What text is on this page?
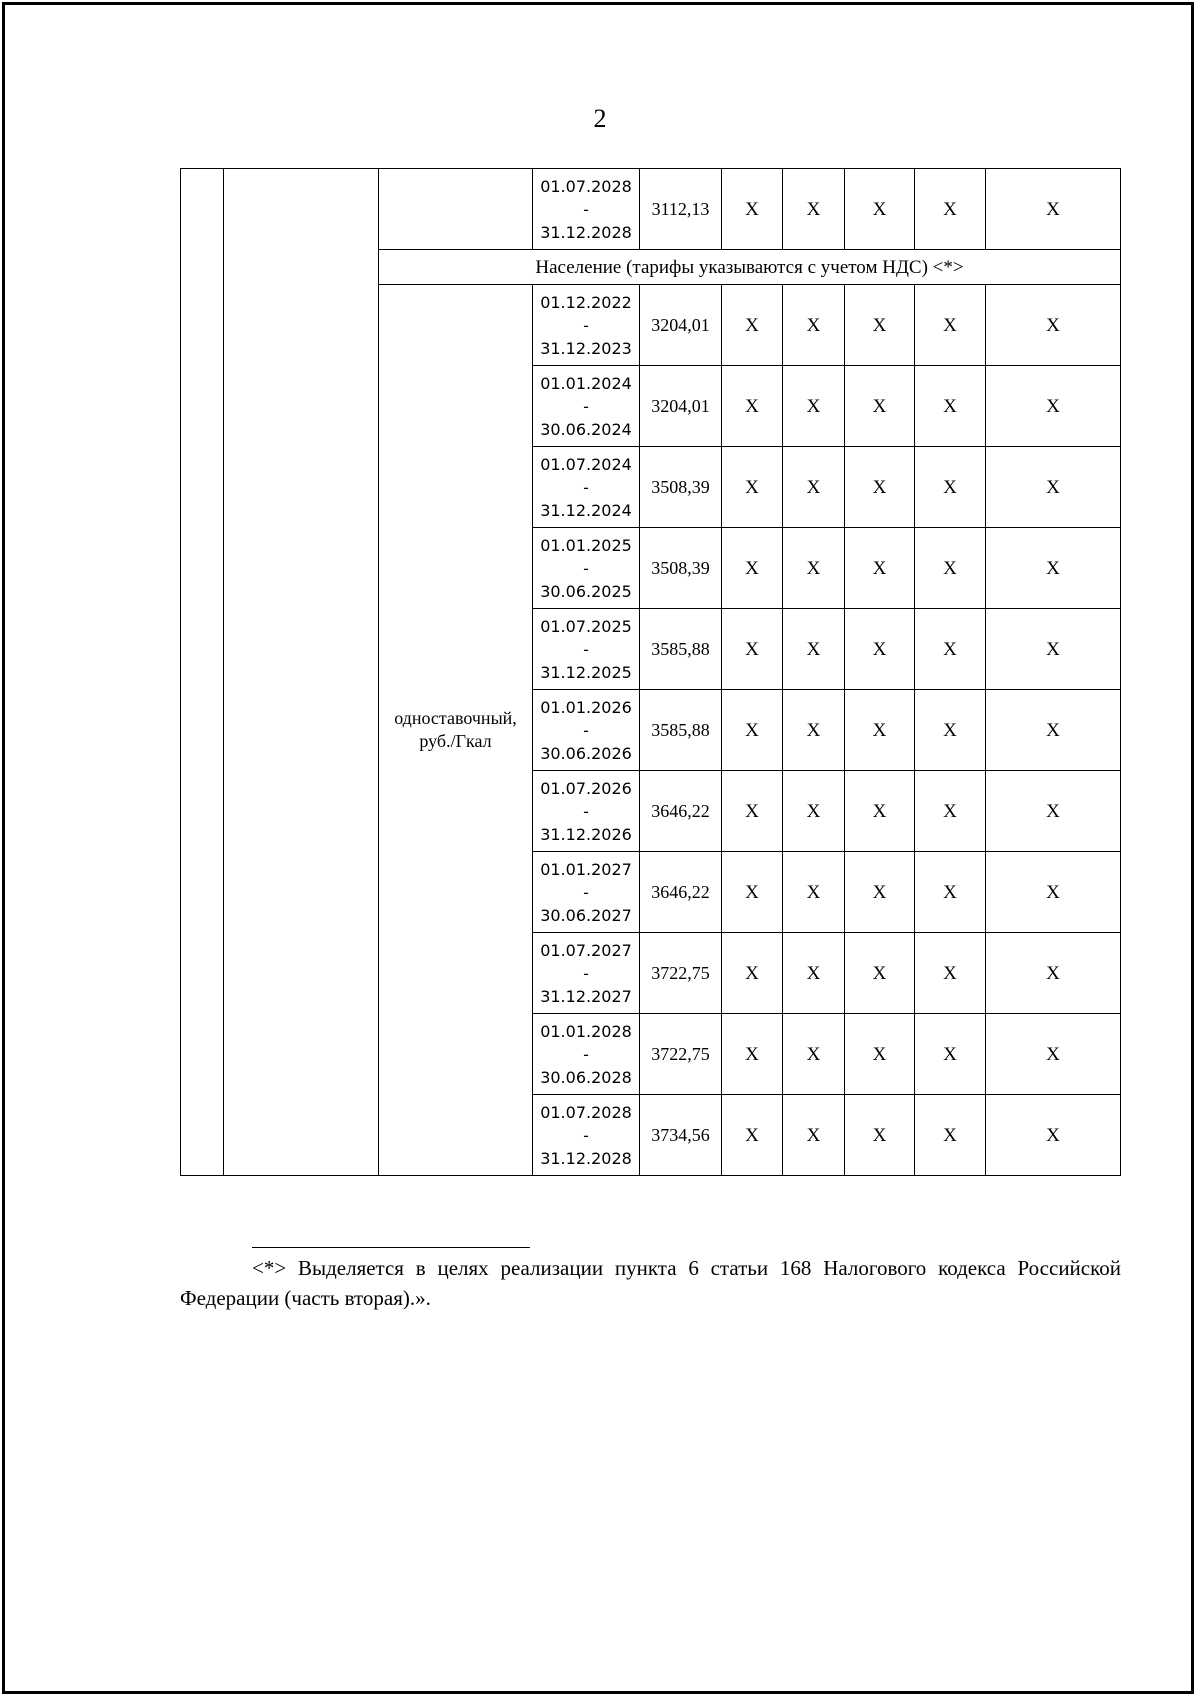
2

			01.07.2028
-
31.12.2028	3112,13	X	X	X	X	X
		Население (тарифы указываются с учетом НДС) <*>							

		одноставочный,
руб./Гкал	01.12.2022
-
31.12.2023	3204,01	X	X	X	X	X

			01.01.2024
-
30.06.2024	3204,01	X	X	X	X	X

			01.07.2024
-
31.12.2024	3508,39	X	X	X	X	X

			01.01.2025
-
30.06.2025	3508,39	X	X	X	X	X

			01.07.2025
-
31.12.2025	3585,88	X	X	X	X	X

			01.01.2026
-
30.06.2026	3585,88	X	X	X	X	X

			01.07.2026
-
31.12.2026	3646,22	X	X	X	X	X

			01.01.2027
-
30.06.2027	3646,22	X	X	X	X	X

			01.07.2027
-
31.12.2027	3722,75	X	X	X	X	X

			01.01.2028
-
30.06.2028	3722,75	X	X	X	X	X

			01.07.2028
-
31.12.2028	3734,56	X	X	X	X	X
<*> Выделяется в целях реализации пункта 6 статьи 168 Налогового кодекса Российской Федерации (часть вторая).».
